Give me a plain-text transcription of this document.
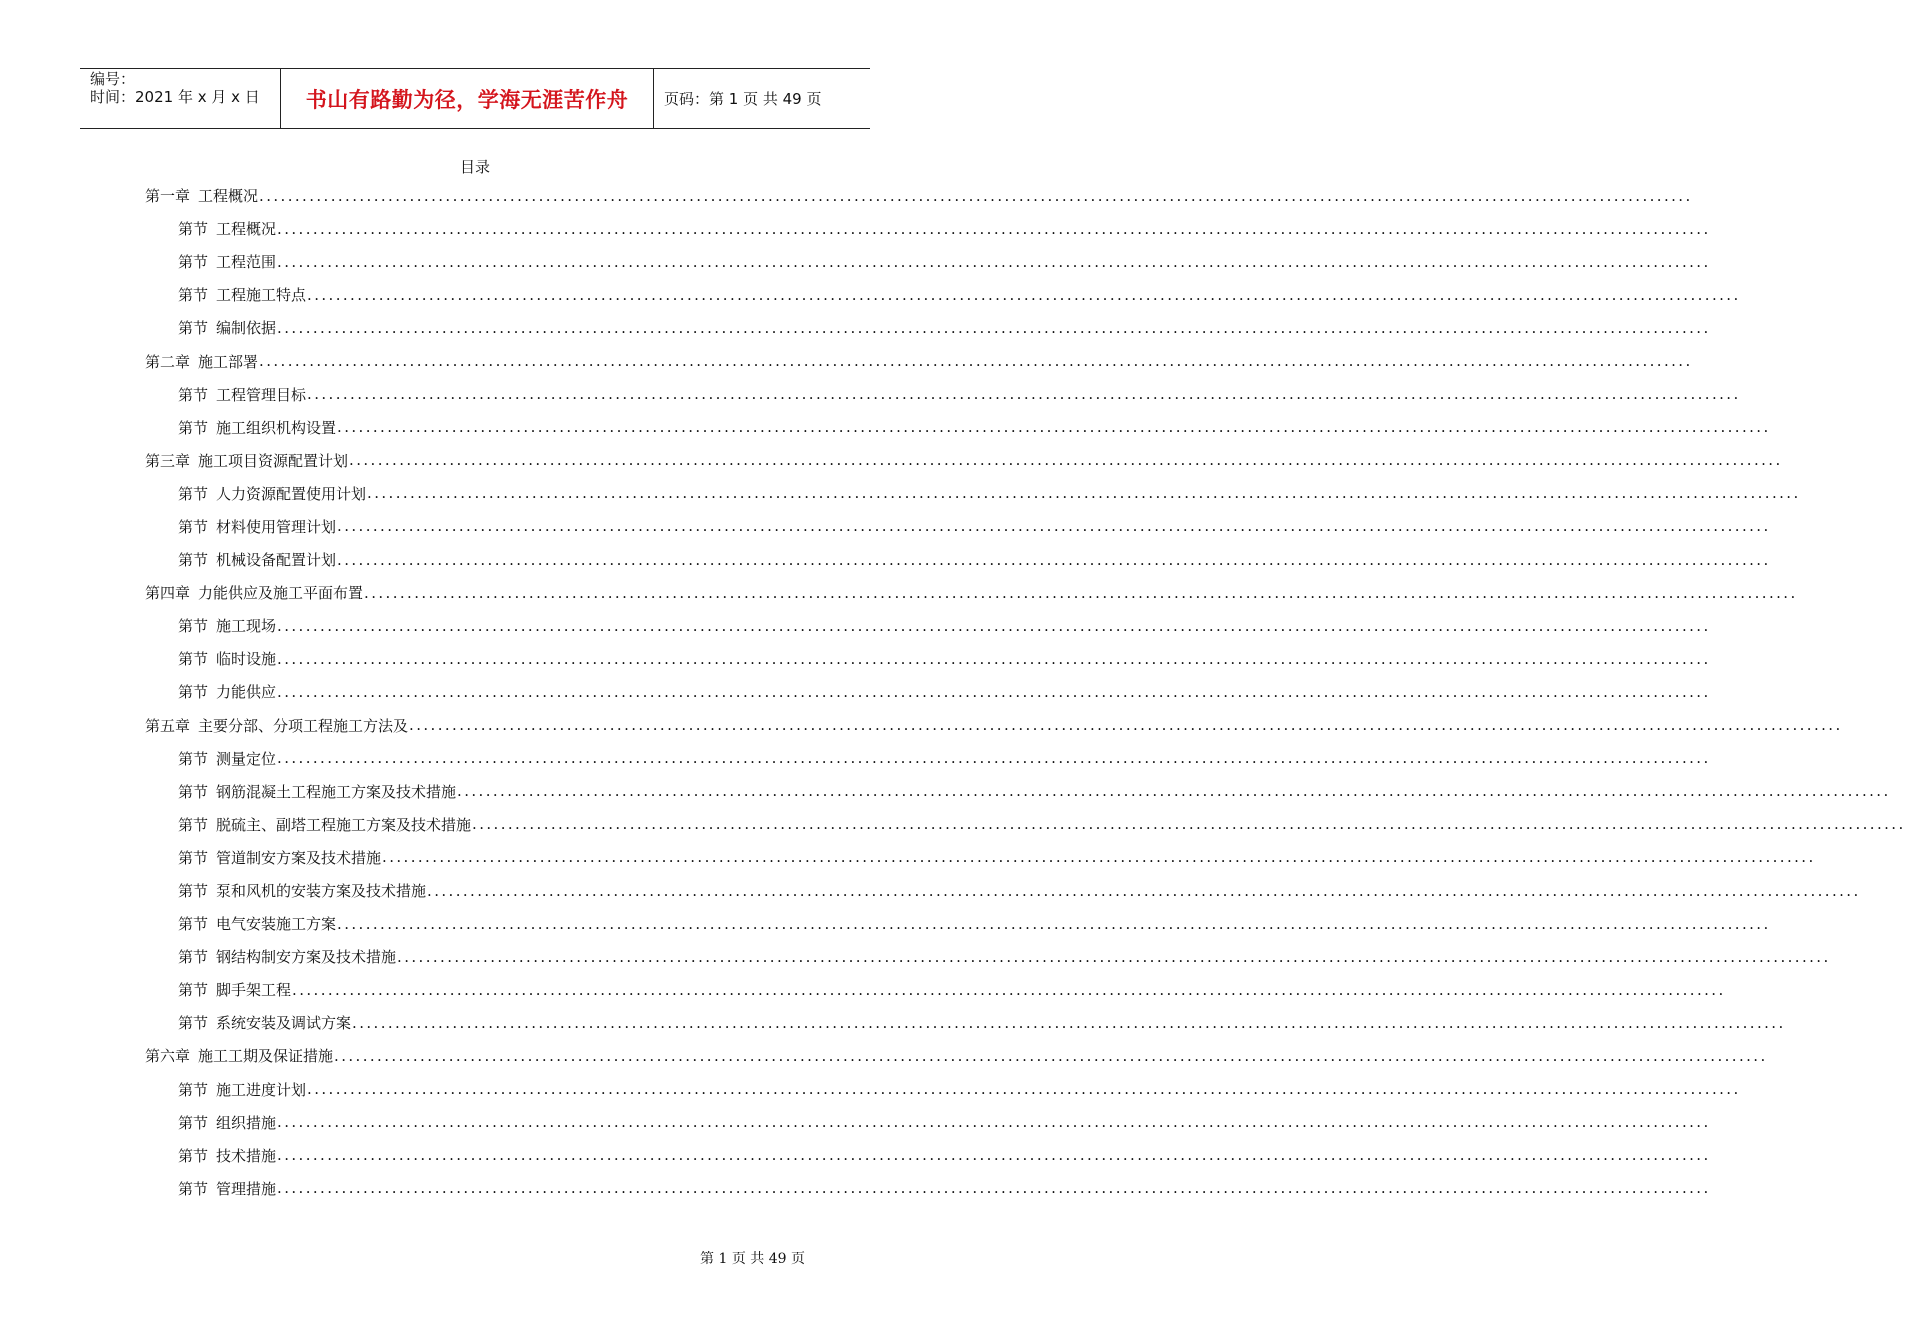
编号：
时间：2021 年 x 月 x 日	书山有路勤为径，学海无涯苦作舟	页码：第 1 页 共 49 页
目录
第一章 工程概况 ........................................................................................................................................................................................................
第节 工程概况 ........................................................................................................................................................................................................
第节 工程范围 ........................................................................................................................................................................................................
第节 工程施工特点 ........................................................................................................................................................................................................
第节 编制依据 ........................................................................................................................................................................................................
第二章 施工部署 ........................................................................................................................................................................................................
第节 工程管理目标 ........................................................................................................................................................................................................
第节 施工组织机构设置 ........................................................................................................................................................................................................
第三章 施工项目资源配置计划 ........................................................................................................................................................................................................
第节 人力资源配置使用计划 ........................................................................................................................................................................................................
第节 材料使用管理计划 ........................................................................................................................................................................................................
第节 机械设备配置计划 ........................................................................................................................................................................................................
第四章 力能供应及施工平面布置 ........................................................................................................................................................................................................
第节 施工现场 ........................................................................................................................................................................................................
第节 临时设施 ........................................................................................................................................................................................................
第节 力能供应 ........................................................................................................................................................................................................
第五章 主要分部、分项工程施工方法及 ........................................................................................................................................................................................................
第节 测量定位 ........................................................................................................................................................................................................
第节 钢筋混凝土工程施工方案及技术措施 ........................................................................................................................................................................................................
第节 脱硫主、副塔工程施工方案及技术措施 ........................................................................................................................................................................................................
第节 管道制安方案及技术措施 ........................................................................................................................................................................................................
第节 泵和风机的安装方案及技术措施 ........................................................................................................................................................................................................
第节 电气安装施工方案 ........................................................................................................................................................................................................
第节 钢结构制安方案及技术措施 ........................................................................................................................................................................................................
第节 脚手架工程 ........................................................................................................................................................................................................
第节 系统安装及调试方案 ........................................................................................................................................................................................................
第六章 施工工期及保证措施 ........................................................................................................................................................................................................
第节 施工进度计划 ........................................................................................................................................................................................................
第节 组织措施 ........................................................................................................................................................................................................
第节 技术措施 ........................................................................................................................................................................................................
第节 管理措施 ........................................................................................................................................................................................................
第 1 页 共 49 页
